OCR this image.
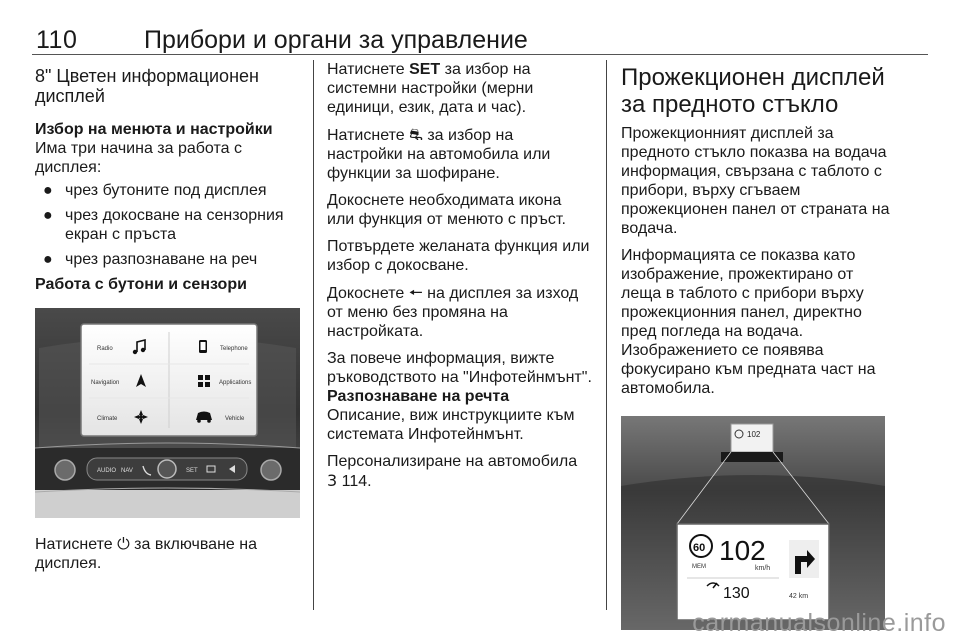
110	Прибори и органи за управление
8" Цветен информационен дисплей
Избор на менюта и настройки
Има три начина за работа с дисплея:
● чрез бутоните под дисплея
● чрез докосване на сензорния екран с пръста
● чрез разпознаване на реч
Работа с бутони и сензори
Radio	Telephone
Navigation	Applications
Climate	Vehicle
AUDIO NAV	SET
Натиснете ⏻ за включване на дисплея.
Натиснете SET за избор на системни настройки (мерни единици, език, дата и час).
Натиснете ⛐ за избор на настройки на автомобила или функции за шофиране.
Докоснете необходимата икона или функция от менюто с пръст.
Потвърдете желаната функция или избор с докосване.
Докоснете 🠔 на дисплея за изход от меню без промяна на настройката.
За повече информация, вижте ръководството на "Инфотейнмънт".
Разпознаване на речта
Описание, виж инструкциите към системата Инфотейнмънт.
Персонализиране на автомобила
3 114.
Прожекционен дисплей за предното стъкло
Прожекционният дисплей за предното стъкло показва на водача информация, свързана с таблото с прибори, върху сгъваем прожекционен панел от страната на водача.
Информацията се показва като изображение, прожектирано от леща в таблото с прибори върху прожекционния панел, директно пред погледа на водача. Изображението се появява фокусирано към предната част на автомобила.
102
60
MEM
102
km/h
130	42 km
carmanualsonline.info
